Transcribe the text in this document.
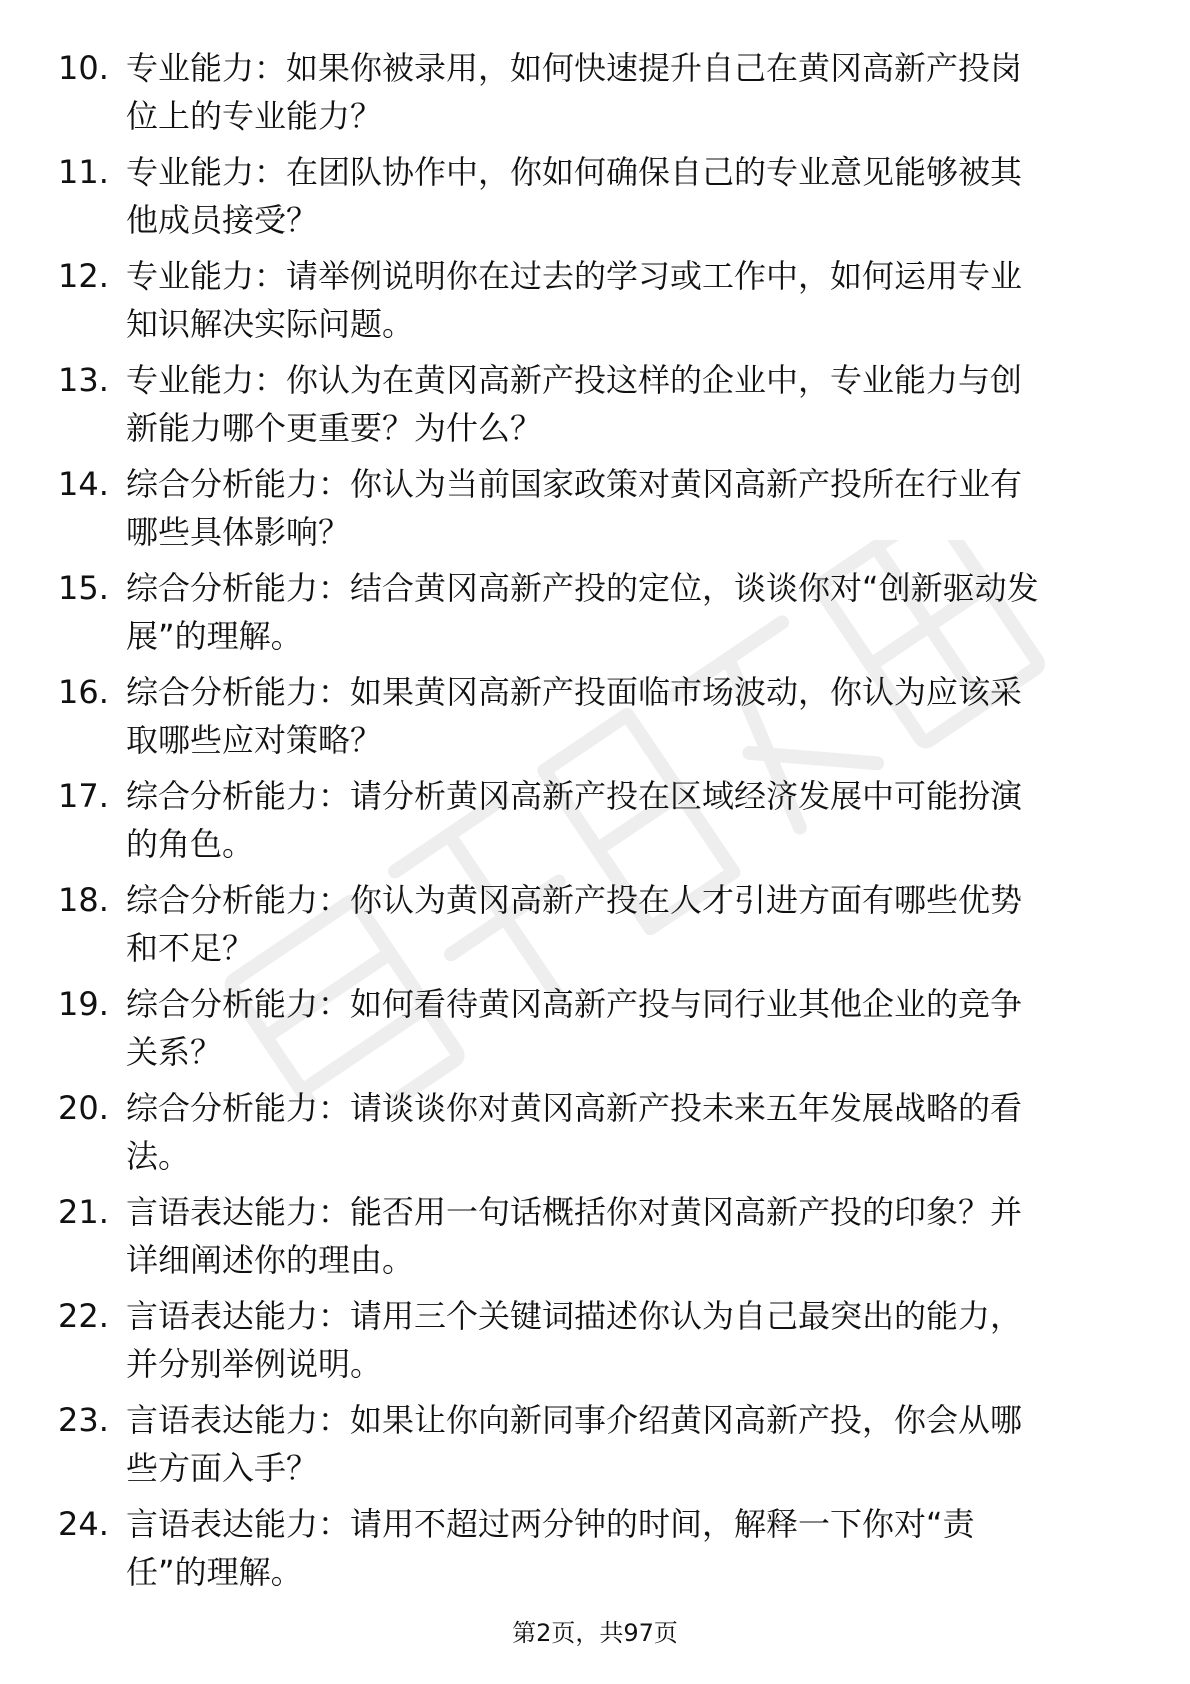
10. 专业能力：如果你被录用，如何快速提升自己在黄冈高新产投岗
位上的专业能力？
11. 专业能力：在团队协作中，你如何确保自己的专业意见能够被其
他成员接受？
12. 专业能力：请举例说明你在过去的学习或工作中，如何运用专业
知识解决实际问题。
13. 专业能力：你认为在黄冈高新产投这样的企业中，专业能力与创
新能力哪个更重要？为什么？
14. 综合分析能力：你认为当前国家政策对黄冈高新产投所在行业有
哪些具体影响？
15. 综合分析能力：结合黄冈高新产投的定位，谈谈你对“创新驱动发
展”的理解。
16. 综合分析能力：如果黄冈高新产投面临市场波动，你认为应该采
取哪些应对策略？
17. 综合分析能力：请分析黄冈高新产投在区域经济发展中可能扮演
的角色。
18. 综合分析能力：你认为黄冈高新产投在人才引进方面有哪些优势
和不足？
19. 综合分析能力：如何看待黄冈高新产投与同行业其他企业的竞争
关系？
20. 综合分析能力：请谈谈你对黄冈高新产投未来五年发展战略的看
法。
21. 言语表达能力：能否用一句话概括你对黄冈高新产投的印象？并
详细阐述你的理由。
22. 言语表达能力：请用三个关键词描述你认为自己最突出的能力，
并分别举例说明。
23. 言语表达能力：如果让你向新同事介绍黄冈高新产投，你会从哪
些方面入手？
24. 言语表达能力：请用不超过两分钟的时间，解释一下你对“责
任”的理解。
第2页，共97页
